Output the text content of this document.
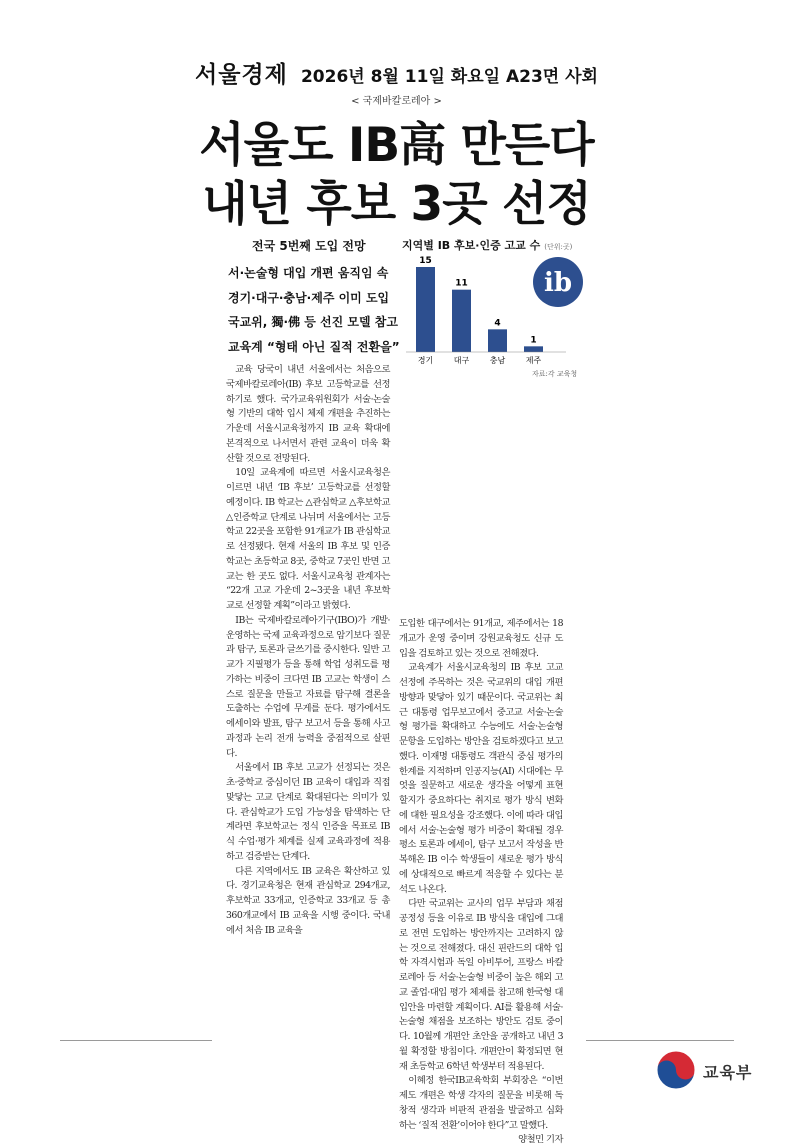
서울경제 2026년 8월 11일 화요일 A23면 사회
< 국제바칼로레아 >
서울도 IB高 만든다
내년 후보 3곳 선정
전국 5번째 도입 전망
서·논술형 대입 개편 움직임 속
경기·대구·충남·제주 이미 도입
국교위, 獨·佛 등 선진 모델 참고
교육계 “형태 아닌 질적 전환을”
지역별 IB 후보·인증 고교 수 (단위:곳)
15
경기
11
대구
4
충남
1
제주
ib
자료:각 교육청

교육 당국이 내년 서울에서는 처음으로 국제바칼로레아(IB) 후보 고등학교를 선정하기로 했다. 국가교육위원회가 서술·논술형 기반의 대학 입시 체제 개편을 추진하는 가운데 서울시교육청까지 IB 교육 확대에 본격적으로 나서면서 관련 교육이 더욱 확산할 것으로 전망된다.

10일 교육계에 따르면 서울시교육청은 이르면 내년 ‘IB 후보’ 고등학교를 선정할 예정이다. IB 학교는 △관심학교 △후보학교 △인증학교 단계로 나뉘며 서울에서는 고등학교 22곳을 포함한 91개교가 IB 관심학교로 선정됐다. 현재 서울의 IB 후보 및 인증학교는 초등학교 8곳, 중학교 7곳인 반면 고교는 한 곳도 없다. 서울시교육청 관계자는 “22개 고교 가운데 2~3곳을 내년 후보학교로 선정할 계획”이라고 밝혔다.

IB는 국제바칼로레아기구(IBO)가 개발·운영하는 국제 교육과정으로 암기보다 질문과 탐구, 토론과 글쓰기를 중시한다. 일반 고교가 지필평가 등을 통해 학업 성취도를 평가하는 비중이 크다면 IB 고교는 학생이 스스로 질문을 만들고 자료를 탐구해 결론을 도출하는 수업에 무게를 둔다. 평가에서도 에세이와 발표, 탐구 보고서 등을 통해 사고 과정과 논리 전개 능력을 중점적으로 살핀다.

서울에서 IB 후보 고교가 선정되는 것은 초·중학교 중심이던 IB 교육이 대입과 직접 맞닿는 고교 단계로 확대된다는 의미가 있다. 관심학교가 도입 가능성을 탐색하는 단계라면 후보학교는 정식 인증을 목표로 IB식 수업·평가 체계를 실제 교육과정에 적용하고 검증받는 단계다.

다른 지역에서도 IB 교육은 확산하고 있다. 경기교육청은 현재 관심학교 294개교, 후보학교 33개교, 인증학교 33개교 등 총 360개교에서 IB 교육을 시행 중이다. 국내에서 처음 IB 교육을

도입한 대구에서는 91개교, 제주에서는 18개교가 운영 중이며 강원교육청도 신규 도입을 검토하고 있는 것으로 전해졌다.

교육계가 서울시교육청의 IB 후보 고교 선정에 주목하는 것은 국교위의 대입 개편 방향과 맞닿아 있기 때문이다. 국교위는 최근 대통령 업무보고에서 중고교 서술·논술형 평가를 확대하고 수능에도 서술·논술형 문항을 도입하는 방안을 검토하겠다고 보고했다. 이재명 대통령도 객관식 중심 평가의 한계를 지적하며 인공지능(AI) 시대에는 무엇을 질문하고 새로운 생각을 어떻게 표현할지가 중요하다는 취지로 평가 방식 변화에 대한 필요성을 강조했다. 이에 따라 대입에서 서술·논술형 평가 비중이 확대될 경우 평소 토론과 에세이, 탐구 보고서 작성을 반복해온 IB 이수 학생들이 새로운 평가 방식에 상대적으로 빠르게 적응할 수 있다는 분석도 나온다.

다만 국교위는 교사의 업무 부담과 채점 공정성 등을 이유로 IB 방식을 대입에 그대로 전면 도입하는 방안까지는 고려하지 않는 것으로 전해졌다. 대신 핀란드의 대학 입학 자격시험과 독일 아비투어, 프랑스 바칼로레아 등 서술·논술형 비중이 높은 해외 고교 졸업·대입 평가 체제를 참고해 한국형 대입안을 마련할 계획이다. AI를 활용해 서술·논술형 채점을 보조하는 방안도 검토 중이다. 10월께 개편안 초안을 공개하고 내년 3월 확정할 방침이다. 개편안이 확정되면 현재 초등학교 6학년 학생부터 적용된다.

이혜정 한국IB교육학회 부회장은 “이번 제도 개편은 학생 각자의 질문을 비롯해 독창적 생각과 비판적 관점을 발굴하고 심화하는 ‘질적 전환’이어야 한다”고 말했다.

양철민 기자
교육부
